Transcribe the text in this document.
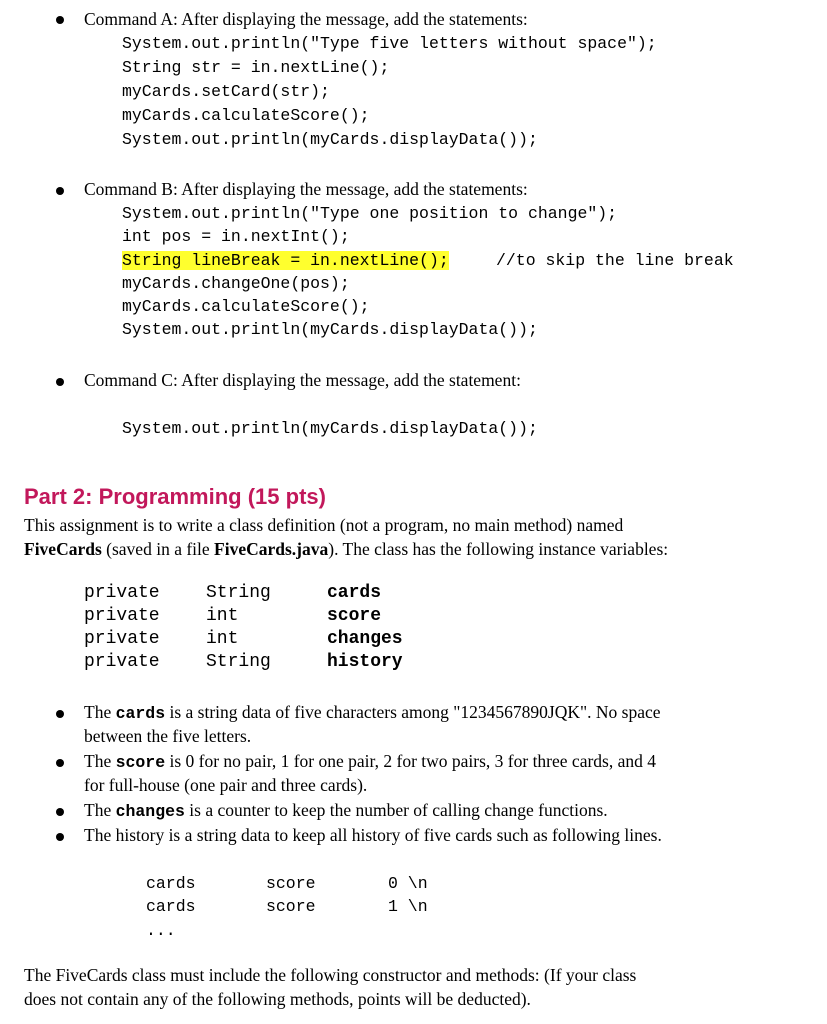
Command A: After displaying the message, add the statements:
System.out.println("Type five letters without space");
String str = in.nextLine();
myCards.setCard(str);
myCards.calculateScore();
System.out.println(myCards.displayData());
Command B: After displaying the message, add the statements:
System.out.println("Type one position to change");
int pos = in.nextInt();
String lineBreak = in.nextLine();	//to skip the line break
myCards.changeOne(pos);
myCards.calculateScore();
System.out.println(myCards.displayData());
Command C: After displaying the message, add the statement:
System.out.println(myCards.displayData());
Part 2: Programming (15 pts)
This assignment is to write a class definition (not a program, no main method) named
FiveCards (saved in a file FiveCards.java). The class has the following instance variables:
private	String	cards
private	int	score
private	int	changes
private	String	history
The cards is a string data of five characters among "1234567890JQK". No space
between the five letters.
The score is 0 for no pair, 1 for one pair, 2 for two pairs, 3 for three cards, and 4
for full-house (one pair and three cards).
The changes is a counter to keep the number of calling change functions.
The history is a string data to keep all history of five cards such as following lines.
cards	score	0 \n
cards	score	1 \n
...
The FiveCards class must include the following constructor and methods: (If your class
does not contain any of the following methods, points will be deducted).
